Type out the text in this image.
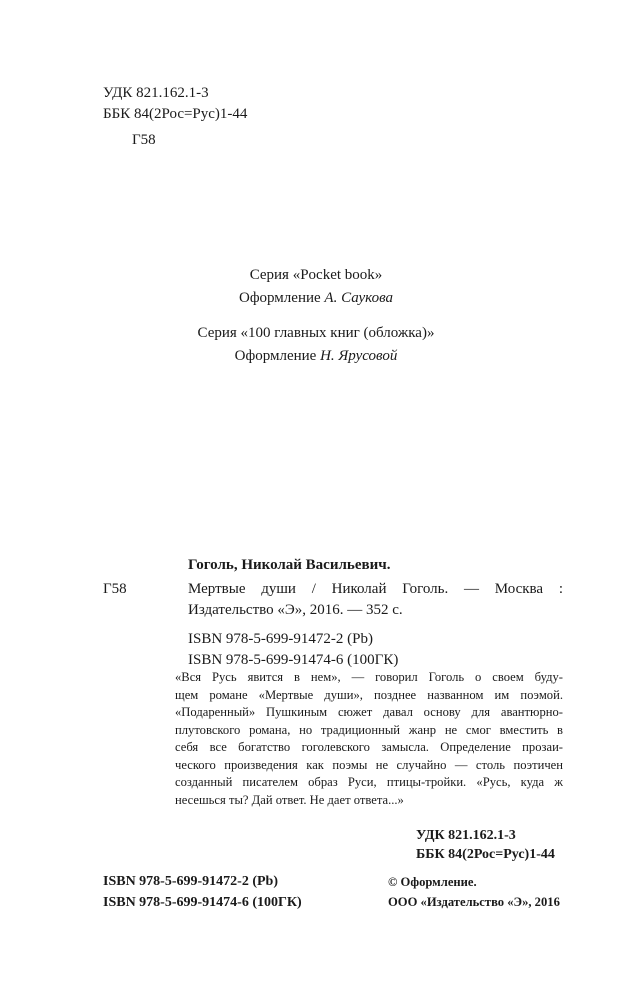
УДК 821.162.1-3
ББК 84(2Рос=Рус)1-44
Г58
Серия «Pocket book»
Оформление А. Саукова
Серия «100 главных книг (обложка)»
Оформление Н. Ярусовой
Гоголь, Николай Васильевич.
Г58	Мертвые души / Николай Гоголь. — Москва :
Издательство «Э», 2016. — 352 с.
ISBN 978-5-699-91472-2 (Pb)
ISBN 978-5-699-91474-6 (100ГК)
«Вся Русь явится в нем», — говорил Гоголь о своем буду-
щем романе «Мертвые души», позднее названном им поэмой.
«Подаренный» Пушкиным сюжет давал основу для авантюрно-
плутовского романа, но традиционный жанр не смог вместить в
себя все богатство гоголевского замысла. Определение прозаи-
ческого произведения как поэмы не случайно — столь поэтичен
созданный писателем образ Руси, птицы-тройки. «Русь, куда ж
несешься ты? Дай ответ. Не дает ответа...»
УДК 821.162.1-3
ББК 84(2Рос=Рус)1-44
ISBN 978-5-699-91472-2 (Pb)
ISBN 978-5-699-91474-6 (100ГК)
© Оформление.
ООО «Издательство «Э», 2016
